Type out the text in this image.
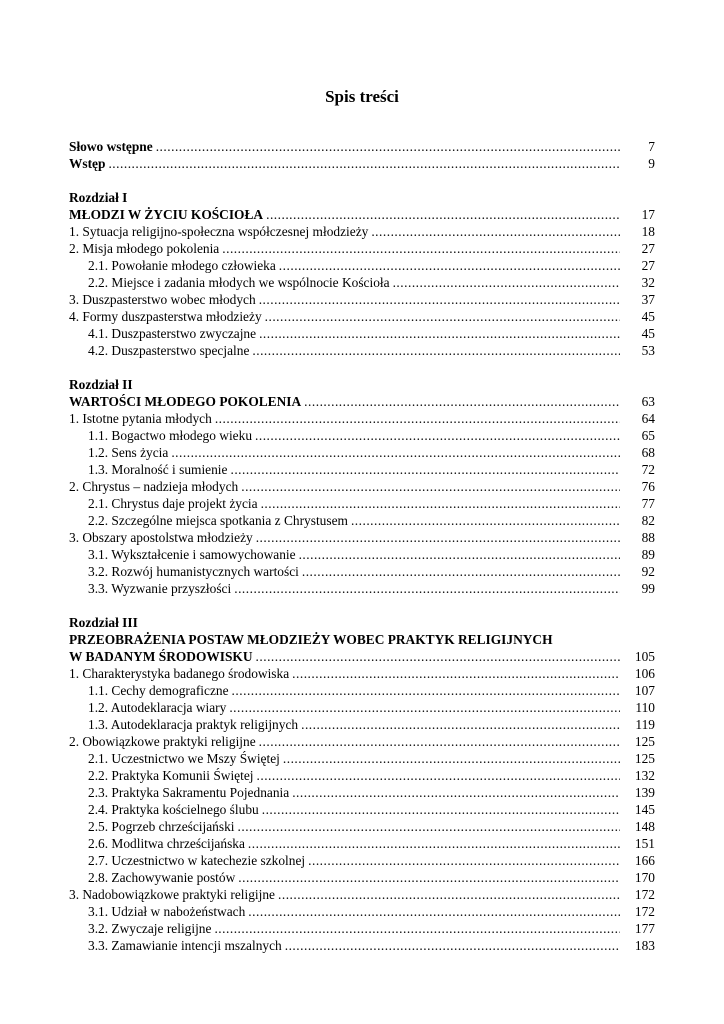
Spis treści
Słowo wstępne .....	7
Wstęp .....	9
Rozdział I
MŁODZI W ŻYCIU KOŚCIOŁA .....	17
1. Sytuacja religijno-społeczna współczesnej młodzieży .....	18
2. Misja młodego pokolenia .....	27
2.1. Powołanie młodego człowieka .....	27
2.2. Miejsce i zadania młodych we wspólnocie Kościoła .....	32
3. Duszpasterstwo wobec młodych .....	37
4. Formy duszpasterstwa młodzieży .....	45
4.1. Duszpasterstwo zwyczajne .....	45
4.2. Duszpasterstwo specjalne .....	53
Rozdział II
WARTOŚCI MŁODEGO POKOLENIA .....	63
1. Istotne pytania młodych .....	64
1.1. Bogactwo młodego wieku .....	65
1.2. Sens życia .....	68
1.3. Moralność i sumienie .....	72
2. Chrystus – nadzieja młodych .....	76
2.1. Chrystus daje projekt życia .....	77
2.2. Szczególne miejsca spotkania z Chrystusem .....	82
3. Obszary apostolstwa młodzieży .....	88
3.1. Wykształcenie i samowychowanie .....	89
3.2. Rozwój humanistycznych wartości .....	92
3.3. Wyzwanie przyszłości .....	99
Rozdział III
PRZEOBRAŻENIA POSTAW MŁODZIEŻY WOBEC PRAKTYK RELIGIJNYCH
W BADANYM ŚRODOWISKU .....	105
1. Charakterystyka badanego środowiska .....	106
1.1. Cechy demograficzne .....	107
1.2. Autodeklaracja wiary .....	110
1.3. Autodeklaracja praktyk religijnych .....	119
2. Obowiązkowe praktyki religijne .....	125
2.1. Uczestnictwo we Mszy Świętej .....	125
2.2. Praktyka Komunii Świętej .....	132
2.3. Praktyka Sakramentu Pojednania .....	139
2.4. Praktyka kościelnego ślubu .....	145
2.5. Pogrzeb chrześcijański .....	148
2.6. Modlitwa chrześcijańska .....	151
2.7. Uczestnictwo w katechezie szkolnej .....	166
2.8. Zachowywanie postów .....	170
3. Nadobowiązkowe praktyki religijne .....	172
3.1. Udział w nabożeństwach .....	172
3.2. Zwyczaje religijne .....	177
3.3. Zamawianie intencji mszalnych .....	183
